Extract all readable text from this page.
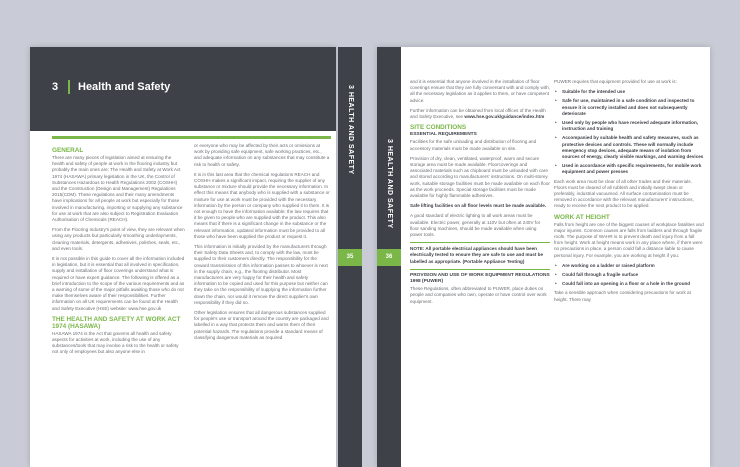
3 Health and Safety
GENERAL

There are many pieces of legislation aimed at ensuring the health and safety of people at work in the flooring industry but probably the main ones are: The Health and Safety at Work Act 1974 (HASAWA) primary legislation in the UK, the Control of Substances Hazardous to Health Regulations 2002 (COSHH) and the Construction (Design and Management) Regulations 2015(CDM). These regulations and their many amendments have implications for all people at work but especially for those involved in manufacturing, importing or supplying any substance for use at work that are also subject to Registration Evaluation Authorisation of Chemicals (REACH).

From the Flooring Industry's point of view, they are relevant when using any products but particularly smoothing underlayments, cleaning materials, detergents, adhesives, polishes, seals, etc., and even tools.

It is not possible in this guide to cover all the information included in legislation, but it is essential that all involved in specification, supply and installation of floor coverings understand what is required or have expert guidance. The following is offered as a brief introduction to the scope of the various requirements and as a warning of some of the major pitfalls awaiting those who do not make themselves aware of their responsibilities. Further information on all UK requirements can be found at the Health and Safety Executive (HSE) website: www.hse.gov.uk

THE HEALTH AND SAFETY AT WORK ACT 1974 (HASAWA)

HASAWA 1974 is the Act that governs all health and safety aspects for activities at work, including the use of any substances/tools that may involve a risk to the health or safety not only of employees but also anyone else in

or everyone who may be affected by their acts or omissions at work by providing safe equipment, safe working practices, etc., and adequate information on any substances that may constitute a risk to health or safety.

It is in this last area that the chemical regulations REACH and COSHH makes a significant impact, requiring the supplier of any substance or mixture should provide the necessary information. In effect this means that anybody who is supplied with a substance or mixture for use at work must be provided with the necessary information by the person or company who supplied it to them. It is not enough to have the information available; the law requires that it be given to people who are supplied with the product. This also means that if there is a significant change in the substance or the relevant information, updated information must be provided to all those who have been supplied the product or request it.

This information is initially provided by the manufacturers through their Safety Data Sheets and, to comply with the law, must be supplied to their customers directly. The responsibility for the onward transmission of this information passes to whoever is next in the supply chain, e.g., the flooring distributor. Most manufacturers are very happy for their health and safety information to be copied and used for this purpose but neither can they take on the responsibility of supplying the information further down the chain, nor would it remove the direct supplier's own responsibility if they did so.

Other legislation ensures that all dangerous substances supplied for people's use or transport around the country are packaged and labelled in a way that protects them and warns them of their potential hazards. The regulations provide a standard means of classifying dangerous materials as required

3 HEALTH AND SAFETY
35

and it is essential that anyone involved in the installation of floor coverings ensure that they are fully conversant with and comply with, all the necessary legislation as it applies to them, or have competent advice.

Further information can be obtained from local offices of the Health and Safety Executive, see www.hse.gov.uk/guidance/index.htm

SITE CONDITIONS
ESSENTIAL REQUIREMENTS

Facilities for the safe unloading and distribution of flooring and accessory materials must be made available on site.

Provision of dry, clean, ventilated, waterproof, warm and secure storage area must be made available. Floorcoverings and associated materials such as chipboard must be unloaded with care and stored according to manufacturers' instructions. On multi-storey work, suitable storage facilities must be made available on each floor as the work proceeds. Special storage facilities must be made available for highly flammable adhesives.

Safe lifting facilities on all floor levels must be made available.

A good standard of electric lighting to all work areas must be available. Electric power, generally at 110V but often at 240V for floor sanding machines, should be made available when using power tools.

NOTE: All portable electrical appliances should have been electrically tested to ensure they are safe to use and must be labelled as appropriate. (Portable Appliance Testing)

PROVISION AND USE OF WORK EQUIPMENT REGULATIONS 1998 (PUWER)

These Regulations, often abbreviated to PUWER, place duties on people and companies who own, operate or have control over work equipment.

PUWER requires that equipment provided for use at work is:

• Suitable for the intended use
• Safe for use, maintained in a safe condition and inspected to ensure it is correctly installed and does not subsequently deteriorate
• Used only by people who have received adequate information, instruction and training
• Accompanied by suitable health and safety measures, such as protective devices and controls. These will normally include emergency stop devices, adequate means of isolation from sources of energy, clearly visible markings, and warning devices
• Used in accordance with specific requirements, for mobile work equipment and power presses

Each work area must be clear of all other trades and their materials. Floors must be cleared of all rubbish and initially swept clean or preferably, industrial vacuumed. All surface contamination must be removed in accordance with the relevant manufacturers' instructions, ready to receive the next product to be applied.

WORK AT HEIGHT

Falls from height are one of the biggest causes of workplace fatalities and major injuries. Common causes are falls from ladders and through fragile roofs. The purpose of WAHR is to prevent death and injury from a fall from height. Work at height means work in any place where, if there were no precautions in place, a person could fall a distance liable to cause personal injury. For example, you are working at height if you:

• Are working on a ladder or raised platform
• Could fall through a fragile surface
• Could fall into an opening in a floor or a hole in the ground

Take a sensible approach when considering precautions for work at height. There may

3 HEALTH AND SAFETY
36
